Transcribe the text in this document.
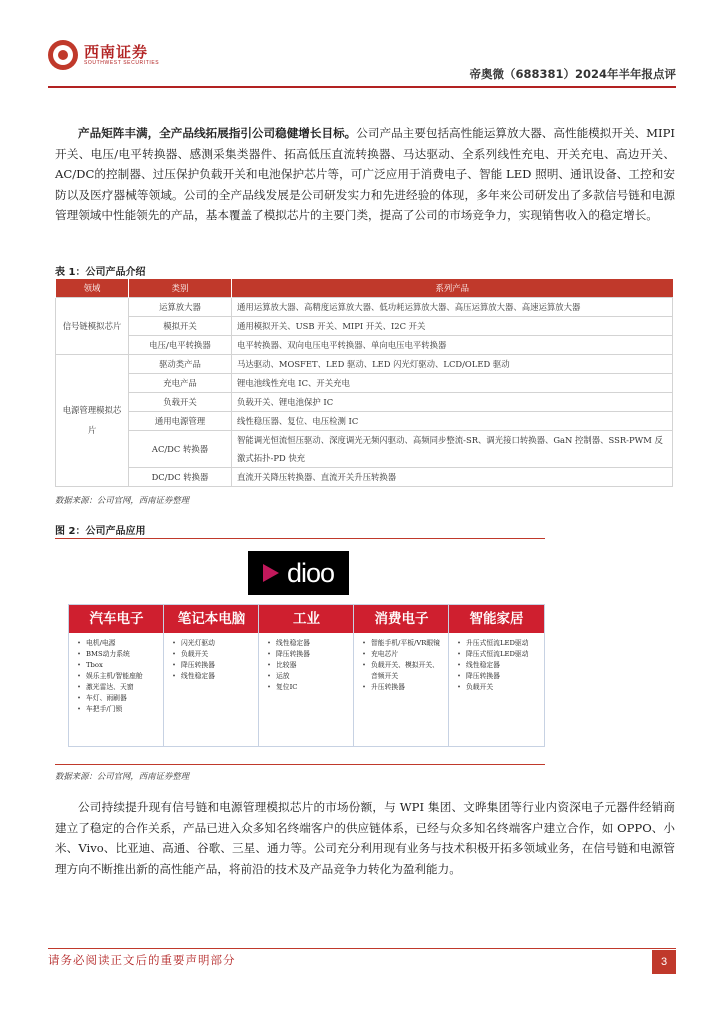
西南证券
SOUTHWEST SECURITIES
帝奥微（688381）2024年半年报点评
产品矩阵丰满，全产品线拓展指引公司稳健增长目标。公司产品主要包括高性能运算放大器、高性能模拟开关、MIPI 开关、电压/电平转换器、感测采集类器件、拓高低压直流转换器、马达驱动、全系列线性充电、开关充电、高边开关、AC/DC的控制器、过压保护负载开关和电池保护芯片等，可广泛应用于消费电子、智能 LED 照明、通讯设备、工控和安防以及医疗器械等领域。公司的全产品线发展是公司研发实力和先进经验的体现，多年来公司研发出了多款信号链和电源管理领域中性能领先的产品，基本覆盖了模拟芯片的主要门类，提高了公司的市场竞争力，实现销售收入的稳定增长。
表 1：公司产品介绍
领域	类别	系列产品
信号链模拟芯片	运算放大器	通用运算放大器、高精度运算放大器、低功耗运算放大器、高压运算放大器、高速运算放大器
	模拟开关	通用模拟开关、USB 开关、MIPI 开关、I2C 开关
	电压/电平转换器	电平转换器、双向电压电平转换器、单向电压电平转换器
电源管理模拟芯片	驱动类产品	马达驱动、MOSFET、LED 驱动、LED 闪光灯驱动、LCD/OLED 驱动
	充电产品	锂电池线性充电 IC、开关充电
	负载开关	负载开关、锂电池保护 IC
	通用电源管理	线性稳压器、复位、电压检测 IC
	AC/DC 转换器	智能调光恒流恒压驱动、深度调光无频闪驱动、高频同步整流-SR、调光接口转换器、GaN 控制器、SSR-PWM 反激式拓扑-PD 快充
	DC/DC 转换器	直流开关降压转换器、直流开关升压转换器
数据来源：公司官网，西南证券整理
图 2：公司产品应用
dioo
汽车电子
• 电机/电源
• BMS动力系统
• Tbox
• 娱乐主机/智能座舱
• 激光雷达、天窗
• 车灯、雨刷器
• 车把手/门锁
笔记本电脑
• 闪光灯驱动
• 负载开关
• 降压转换器
• 线性稳定器
工业
• 线性稳定器
• 降压转换器
• 比较器
• 运放
• 复位IC
消费电子
• 智能手机/平板/VR眼镜
• 充电芯片
• 负载开关、模拟开关、音频开关
• 升压转换器
智能家居
• 升压式恒流LED驱动
• 降压式恒流LED驱动
• 线性稳定器
• 降压转换器
• 负载开关
数据来源：公司官网，西南证券整理
公司持续提升现有信号链和电源管理模拟芯片的市场份额，与 WPI 集团、文晔集团等行业内资深电子元器件经销商建立了稳定的合作关系，产品已进入众多知名终端客户的供应链体系，已经与众多知名终端客户建立合作，如 OPPO、小米、Vivo、比亚迪、高通、谷歌、三星、通力等。公司充分利用现有业务与技术积极开拓多领域业务，在信号链和电源管理方向不断推出新的高性能产品，将前沿的技术及产品竞争力转化为盈利能力。
请务必阅读正文后的重要声明部分	3
